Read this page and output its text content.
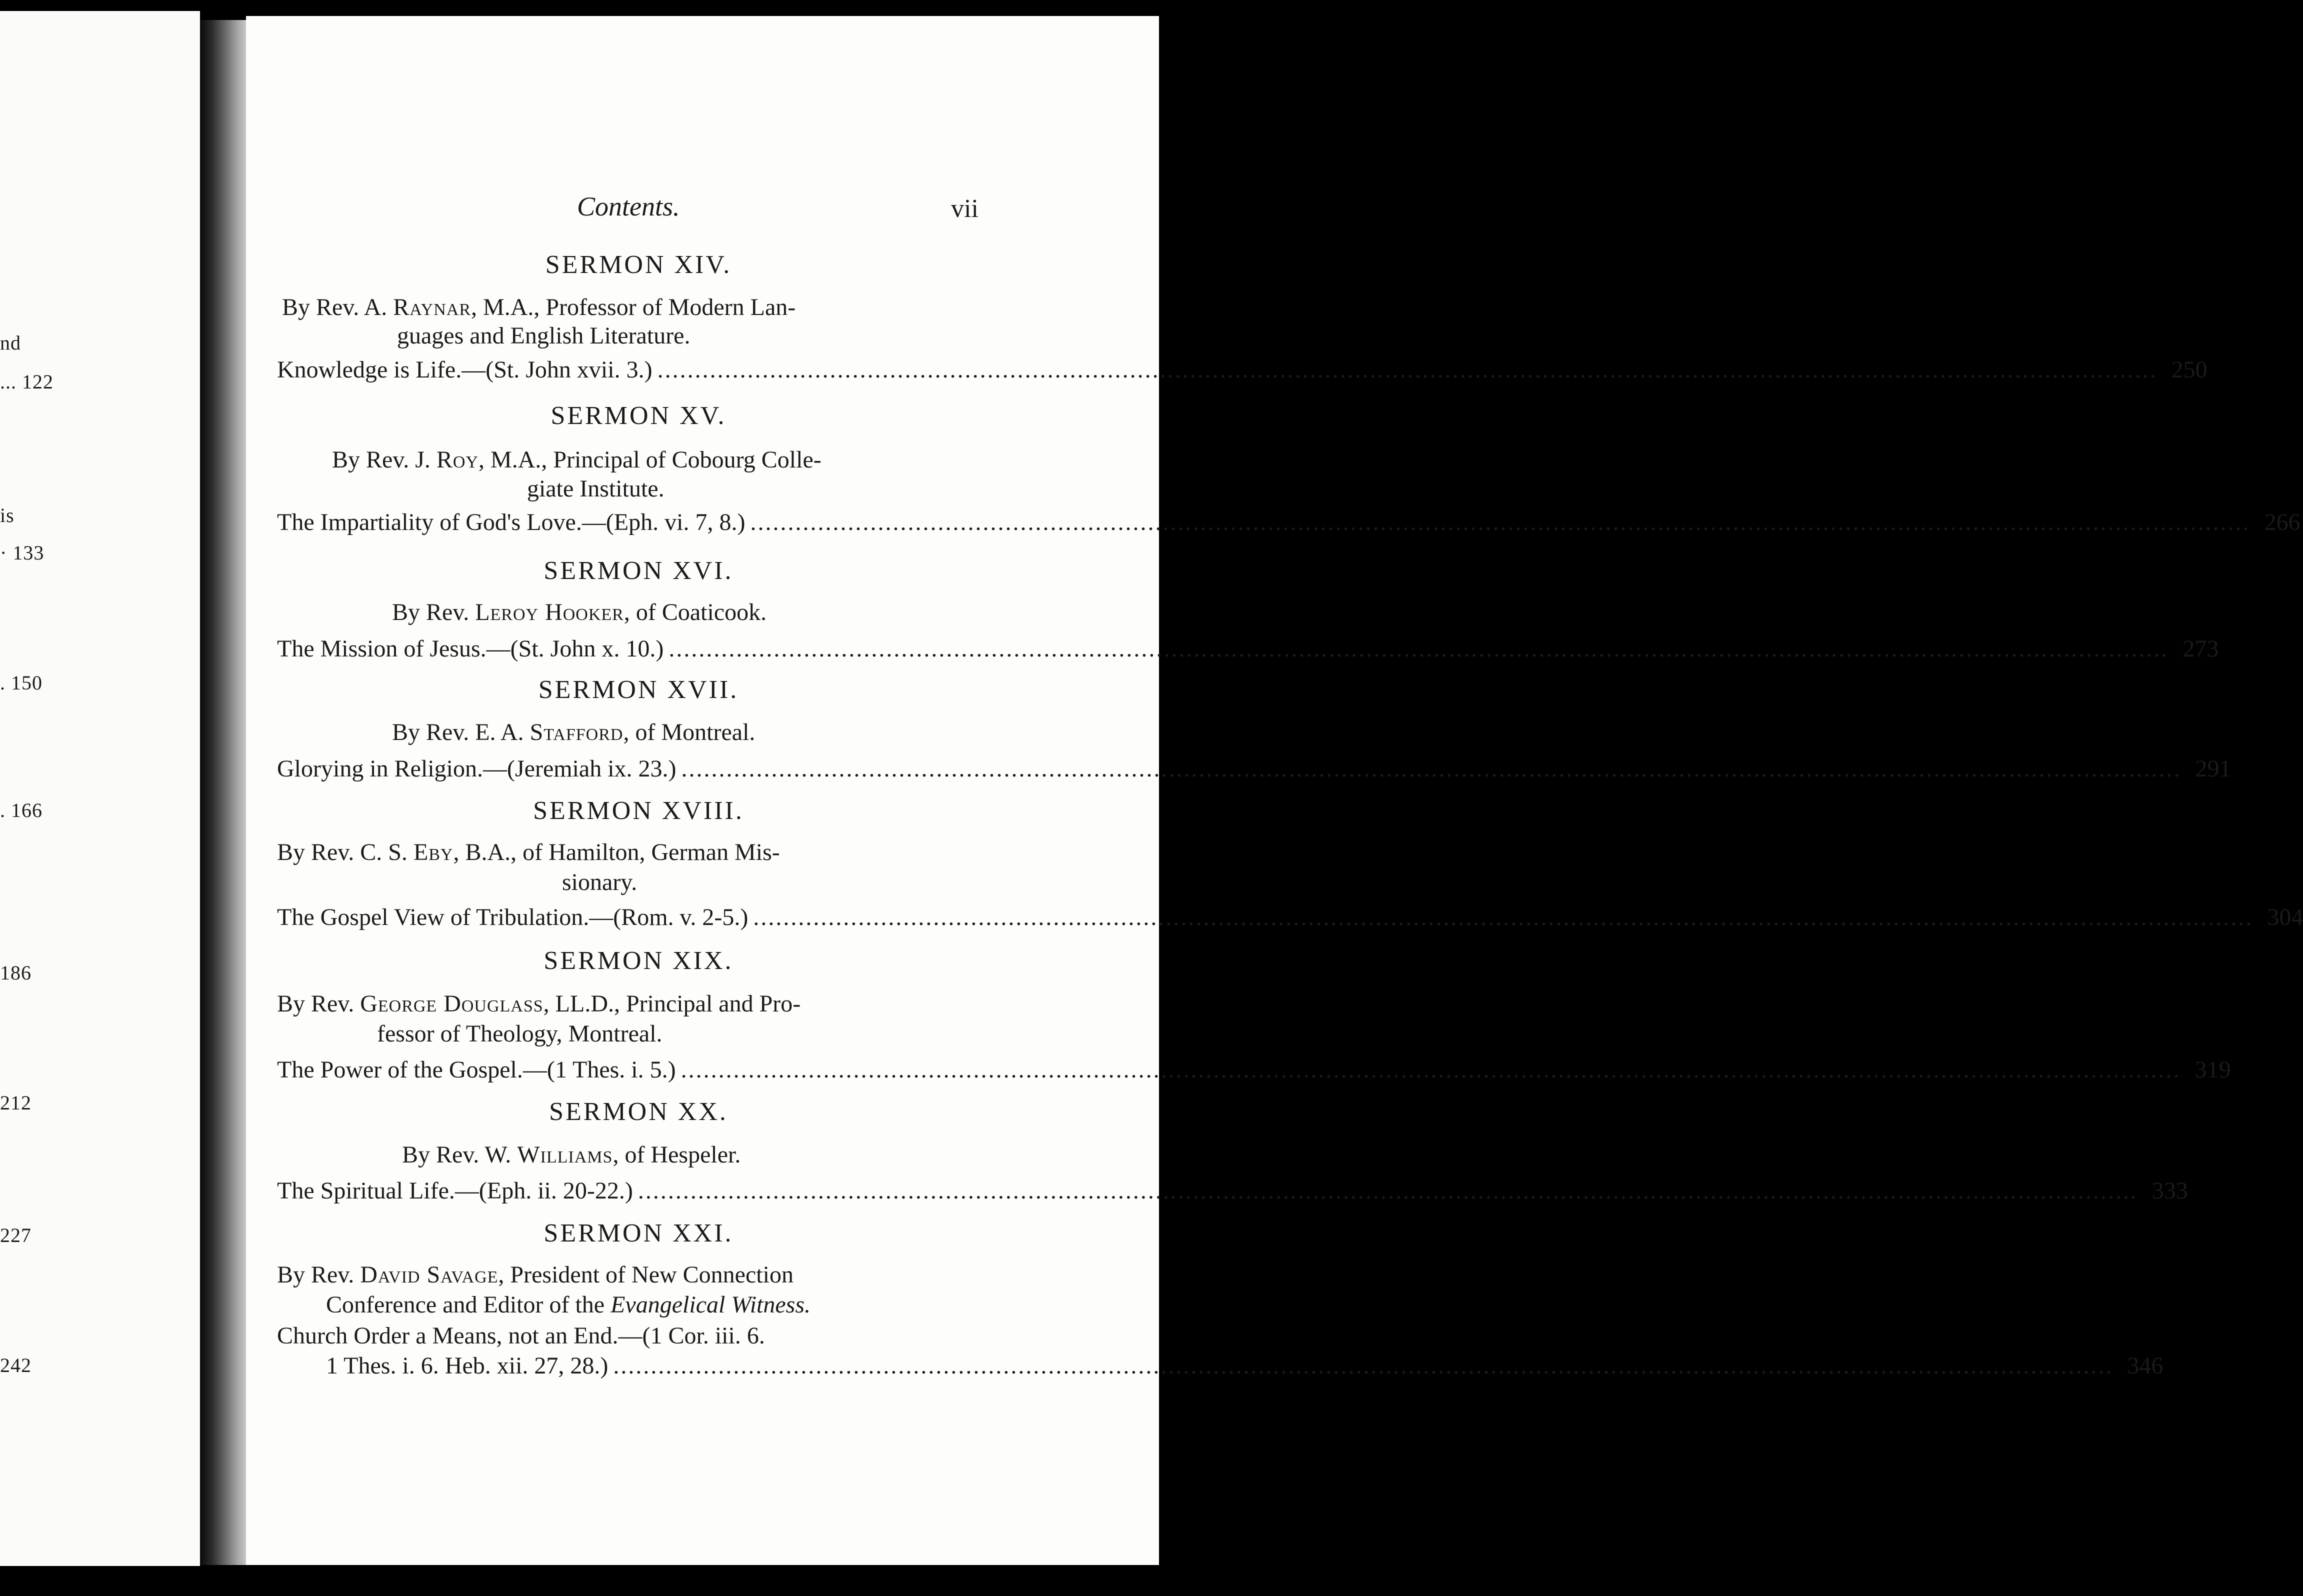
nd
... 122
is
· 133
. 150
. 166
186
212
227
242
Contents.	vii
SERMON XIV.
By Rev. A. Raynar, M.A., Professor of Modern Lan-
guages and English Literature.
Knowledge is Life.—(St. John xvii. 3.) ........................................................................................................................................................................................................ 250
SERMON XV.
By Rev. J. Roy, M.A., Principal of Cobourg Colle-
giate Institute.
The Impartiality of God's Love.—(Eph. vi. 7, 8.) ........................................................................................................................................................................................................ 266
SERMON XVI.
By Rev. Leroy Hooker, of Coaticook.
The Mission of Jesus.—(St. John x. 10.) ........................................................................................................................................................................................................ 273
SERMON XVII.
By Rev. E. A. Stafford, of Montreal.
Glorying in Religion.—(Jeremiah ix. 23.) ........................................................................................................................................................................................................ 291
SERMON XVIII.
By Rev. C. S. Eby, B.A., of Hamilton, German Mis-
sionary.
The Gospel View of Tribulation.—(Rom. v. 2-5.) ........................................................................................................................................................................................................ 304
SERMON XIX.
By Rev. George Douglass, LL.D., Principal and Pro-
fessor of Theology, Montreal.
The Power of the Gospel.—(1 Thes. i. 5.) ........................................................................................................................................................................................................ 319
SERMON XX.
By Rev. W. Williams, of Hespeler.
The Spiritual Life.—(Eph. ii. 20-22.) ........................................................................................................................................................................................................ 333
SERMON XXI.
By Rev. David Savage, President of New Connection
Conference and Editor of the Evangelical Witness.
Church Order a Means, not an End.—(1 Cor. iii. 6.
1 Thes. i. 6. Heb. xii. 27, 28.) ........................................................................................................................................................................................................ 346
